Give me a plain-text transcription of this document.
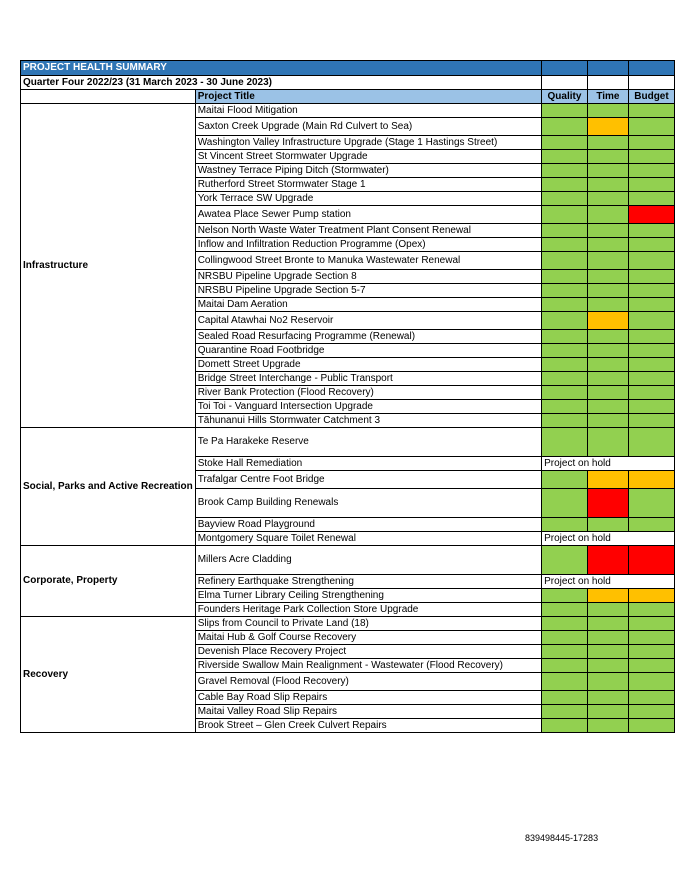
PROJECT HEALTH SUMMARY				
Quarter Four 2022/23 (31 March 2023 - 30 June 2023)				
	Project Title	Quality	Time	Budget
Infrastructure	Maitai Flood Mitigation			
	Saxton Creek Upgrade (Main Rd Culvert to Sea)			
	Washington Valley Infrastructure Upgrade (Stage 1 Hastings Street)			
	St Vincent Street Stormwater Upgrade			
	Wastney Terrace Piping Ditch (Stormwater)			
	Rutherford Street Stormwater Stage 1			
	York Terrace SW Upgrade			
	Awatea Place Sewer Pump station			
	Nelson North Waste Water Treatment Plant Consent Renewal			
	Inflow and Infiltration Reduction Programme (Opex)			
	Collingwood Street Bronte to Manuka Wastewater Renewal			
	NRSBU Pipeline Upgrade Section 8			
	NRSBU Pipeline Upgrade Section 5-7			
	Maitai Dam Aeration			
	Capital Atawhai No2 Reservoir			
	Sealed Road Resurfacing Programme (Renewal)			
	Quarantine Road Footbridge			
	Domett Street Upgrade			
	Bridge Street Interchange - Public Transport			
	River Bank Protection (Flood Recovery)			
	Toi Toi - Vanguard Intersection Upgrade			
	Tāhunanui Hills Stormwater Catchment 3			
Social, Parks and Active Recreation	Te Pa Harakeke Reserve			
	Stoke Hall Remediation	Project on hold		
	Trafalgar Centre Foot Bridge			
	Brook Camp Building Renewals			
	Bayview Road Playground			
	Montgomery Square Toilet Renewal	Project on hold		
Corporate, Property	Millers Acre Cladding			
	Refinery Earthquake Strengthening	Project on hold		
	Elma Turner Library Ceiling Strengthening			
	Founders Heritage Park Collection Store Upgrade			
Recovery	Slips from Council to Private Land (18)			
	Maitai Hub & Golf Course Recovery			
	Devenish Place Recovery Project			
	Riverside Swallow Main Realignment - Wastewater (Flood Recovery)			
	Gravel Removal (Flood Recovery)			
	Cable Bay Road Slip Repairs			
	Maitai Valley Road Slip Repairs			
	Brook Street – Glen Creek Culvert Repairs			
839498445-17283
